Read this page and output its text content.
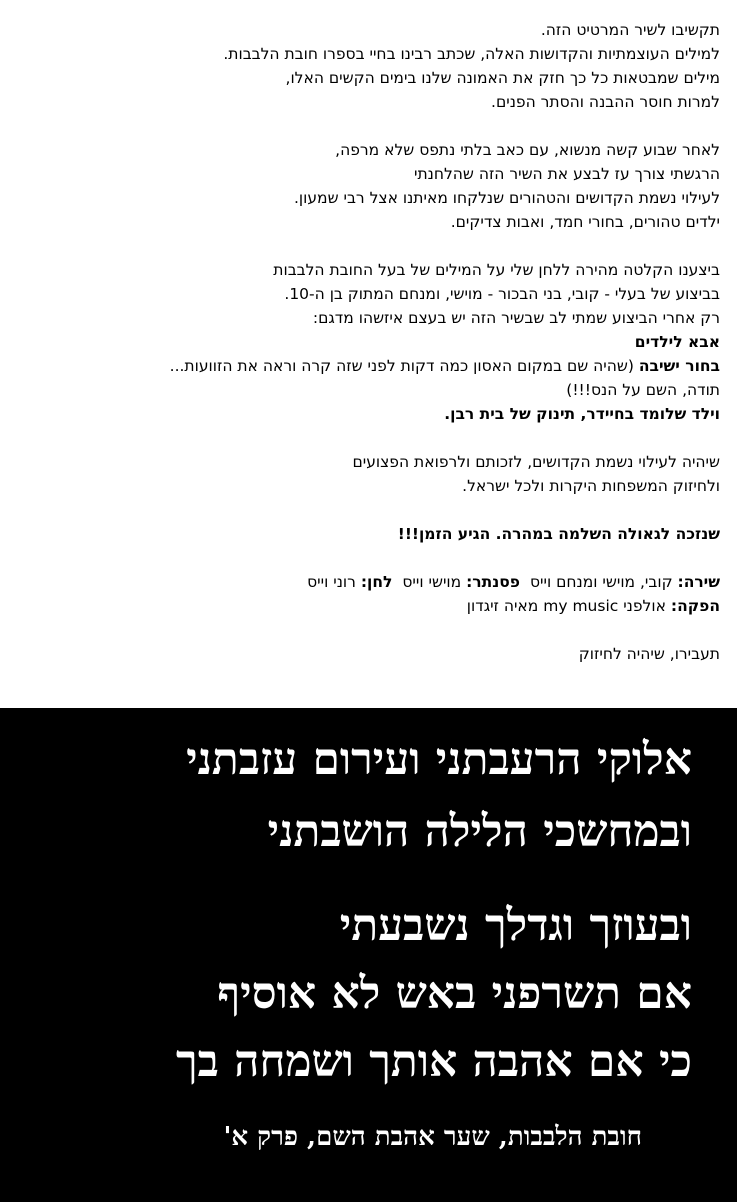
תקשיבו לשיר המרטיט הזה.
למילים העוצמתיות והקדושות האלה, שכתב רבינו בחיי בספרו חובת הלבבות.
מילים שמבטאות כל כך חזק את האמונה שלנו בימים הקשים האלו,
למרות חוסר ההבנה והסתר הפנים.
לאחר שבוע קשה מנשוא, עם כאב בלתי נתפס שלא מרפה,
הרגשתי צורך עז לבצע את השיר הזה שהלחנתי
לעילוי נשמת הקדושים והטהורים שנלקחו מאיתנו אצל רבי שמעון.
ילדים טהורים, בחורי חמד, ואבות צדיקים.
ביצענו הקלטה מהירה ללחן שלי על המילים של בעל החובת הלבבות
בביצוע של בעלי - קובי, בני הבכור - מוישי, ומנחם המתוק בן ה-10.
רק אחרי הביצוע שמתי לב שבשיר הזה יש בעצם איזשהו מדגם:
אבא לילדים
בחור ישיבה (שהיה שם במקום האסון כמה דקות לפני שזה קרה וראה את הזוועות...
תודה, השם על הנס!!!)
וילד שלומד בחיידר, תינוק של בית רבן.
שיהיה לעילוי נשמת הקדושים, לזכותם ולרפואת הפצועים
ולחיזוק המשפחות היקרות ולכל ישראל.
שנזכה לגאולה השלמה במהרה. הגיע הזמן!!!
שירה: קובי, מוישי ומנחם וייספסנתר: מוישי וייסלחן: רוני וייס
הפקה: אולפני my music מאיה זיגדון
תעבירו, שיהיה לחיזוק
אלוקי הרעבתני ועירום עזבתני
ובמחשכי הלילה הושבתני
ובעוזך וגדלך נשבעתי
אם תשרפני באש לא אוסיף
כי אם אהבה אותך ושמחה בך
חובת הלבבות, שער אהבת השם, פרק א'
